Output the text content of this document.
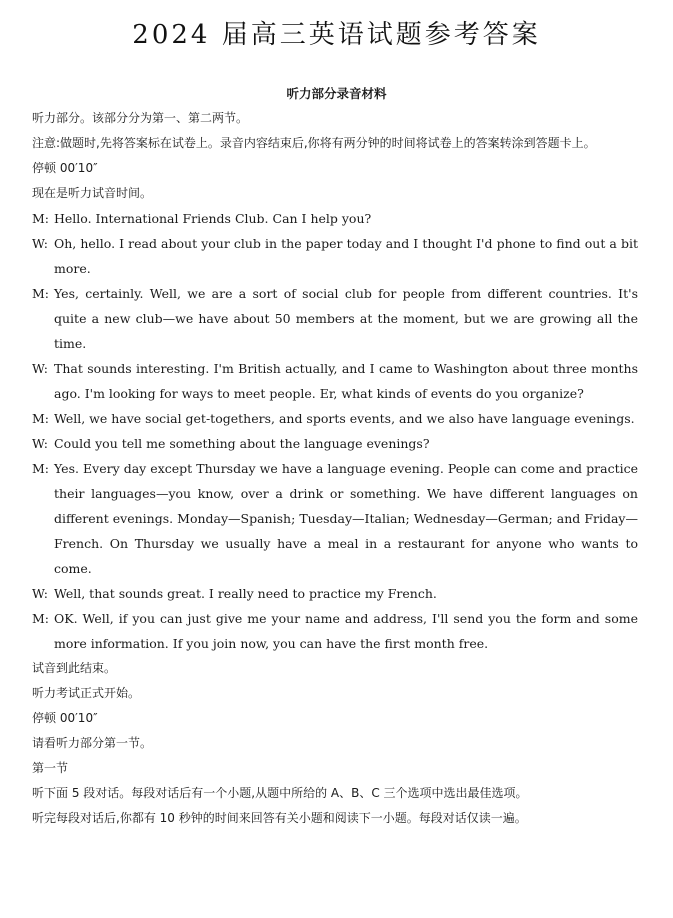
2024 届高三英语试题参考答案
听力部分录音材料

听力部分。该部分分为第一、第二两节。

注意:做题时,先将答案标在试卷上。录音内容结束后,你将有两分钟的时间将试卷上的答案转涂到答题卡上。

停顿 00′10″

现在是听力试音时间。

M: Hello. International Friends Club. Can I help you?

W: Oh, hello. I read about your club in the paper today and I thought I'd phone to find out a bit more.

M: Yes, certainly. Well, we are a sort of social club for people from different countries. It's quite a new club—we have about 50 members at the moment, but we are growing all the time.

W: That sounds interesting. I'm British actually, and I came to Washington about three months ago. I'm looking for ways to meet people. Er, what kinds of events do you organize?

M: Well, we have social get-togethers, and sports events, and we also have language evenings.

W: Could you tell me something about the language evenings?

M: Yes. Every day except Thursday we have a language evening. People can come and practice their languages—you know, over a drink or something. We have different languages on different evenings. Monday—Spanish; Tuesday—Italian; Wednesday—German; and Friday—French. On Thursday we usually have a meal in a restaurant for anyone who wants to come.

W: Well, that sounds great. I really need to practice my French.

M: OK. Well, if you can just give me your name and address, I'll send you the form and some more information. If you join now, you can have the first month free.

试音到此结束。

听力考试正式开始。

停顿 00′10″

请看听力部分第一节。

第一节

听下面 5 段对话。每段对话后有一个小题,从题中所给的 A、B、C 三个选项中选出最佳选项。

听完每段对话后,你都有 10 秒钟的时间来回答有关小题和阅读下一小题。每段对话仅读一遍。
